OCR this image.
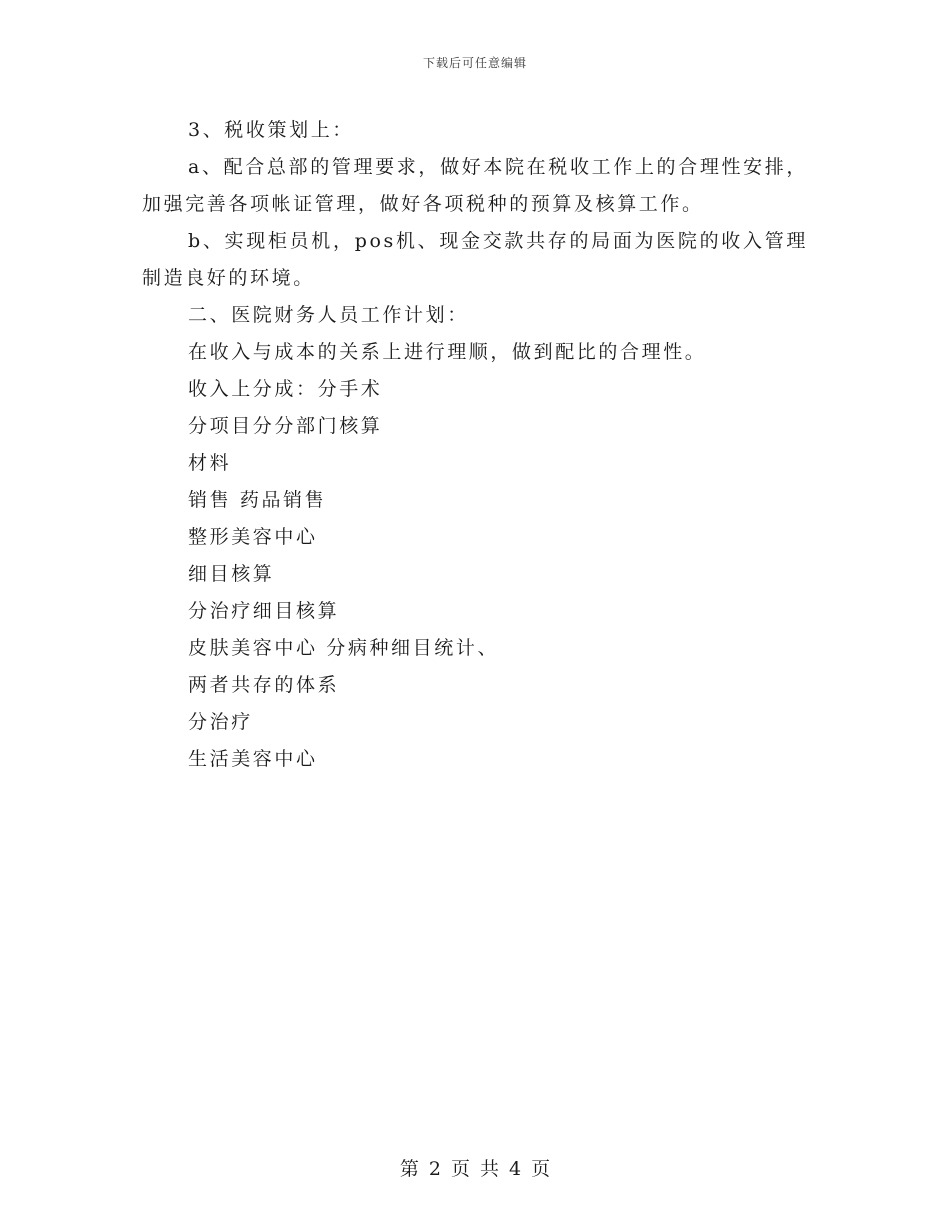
下载后可任意编辑

3、税收策划上：

a、配合总部的管理要求，做好本院在税收工作上的合理性安排，加强完善各项帐证管理，做好各项税种的预算及核算工作。

b、实现柜员机，pos机、现金交款共存的局面为医院的收入管理制造良好的环境。

二、医院财务人员工作计划：

在收入与成本的关系上进行理顺，做到配比的合理性。

收入上分成：分手术

分项目分分部门核算

材料

销售 药品销售

整形美容中心

细目核算

分治疗细目核算

皮肤美容中心 分病种细目统计、

两者共存的体系

分治疗

生活美容中心

第 2 页 共 4 页
